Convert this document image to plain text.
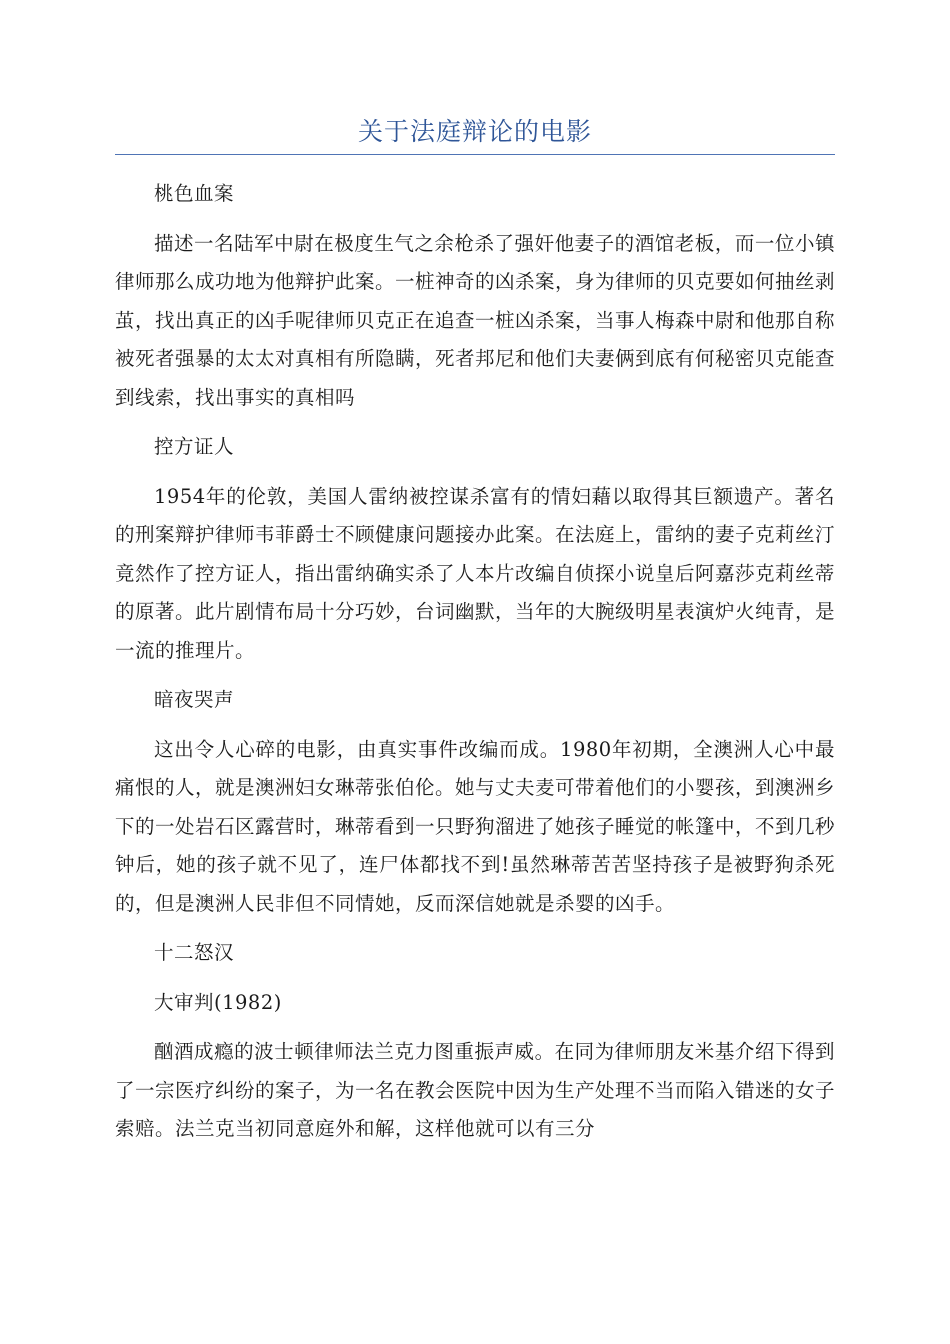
关于法庭辩论的电影

桃色血案

描述一名陆军中尉在极度生气之余枪杀了强奸他妻子的酒馆老板，而一位小镇律师那么成功地为他辩护此案。一桩神奇的凶杀案，身为律师的贝克要如何抽丝剥茧，找出真正的凶手呢律师贝克正在追查一桩凶杀案，当事人梅森中尉和他那自称被死者强暴的太太对真相有所隐瞒，死者邦尼和他们夫妻俩到底有何秘密贝克能查到线索，找出事实的真相吗

控方证人

1954年的伦敦，美国人雷纳被控谋杀富有的情妇藉以取得其巨额遗产。著名的刑案辩护律师韦菲爵士不顾健康问题接办此案。在法庭上，雷纳的妻子克莉丝汀竟然作了控方证人，指出雷纳确实杀了人本片改编自侦探小说皇后阿嘉莎克莉丝蒂的原著。此片剧情布局十分巧妙，台词幽默，当年的大腕级明星表演炉火纯青，是一流的推理片。

暗夜哭声

这出令人心碎的电影，由真实事件改编而成。1980年初期，全澳洲人心中最痛恨的人，就是澳洲妇女琳蒂张伯伦。她与丈夫麦可带着他们的小婴孩，到澳洲乡下的一处岩石区露营时，琳蒂看到一只野狗溜进了她孩子睡觉的帐篷中，不到几秒钟后，她的孩子就不见了，连尸体都找不到!虽然琳蒂苦苦坚持孩子是被野狗杀死的，但是澳洲人民非但不同情她，反而深信她就是杀婴的凶手。

十二怒汉

大审判(1982)

酗酒成瘾的波士顿律师法兰克力图重振声威。在同为律师朋友米基介绍下得到了一宗医疗纠纷的案子，为一名在教会医院中因为生产处理不当而陷入错迷的女子索赔。法兰克当初同意庭外和解，这样他就可以有三分
